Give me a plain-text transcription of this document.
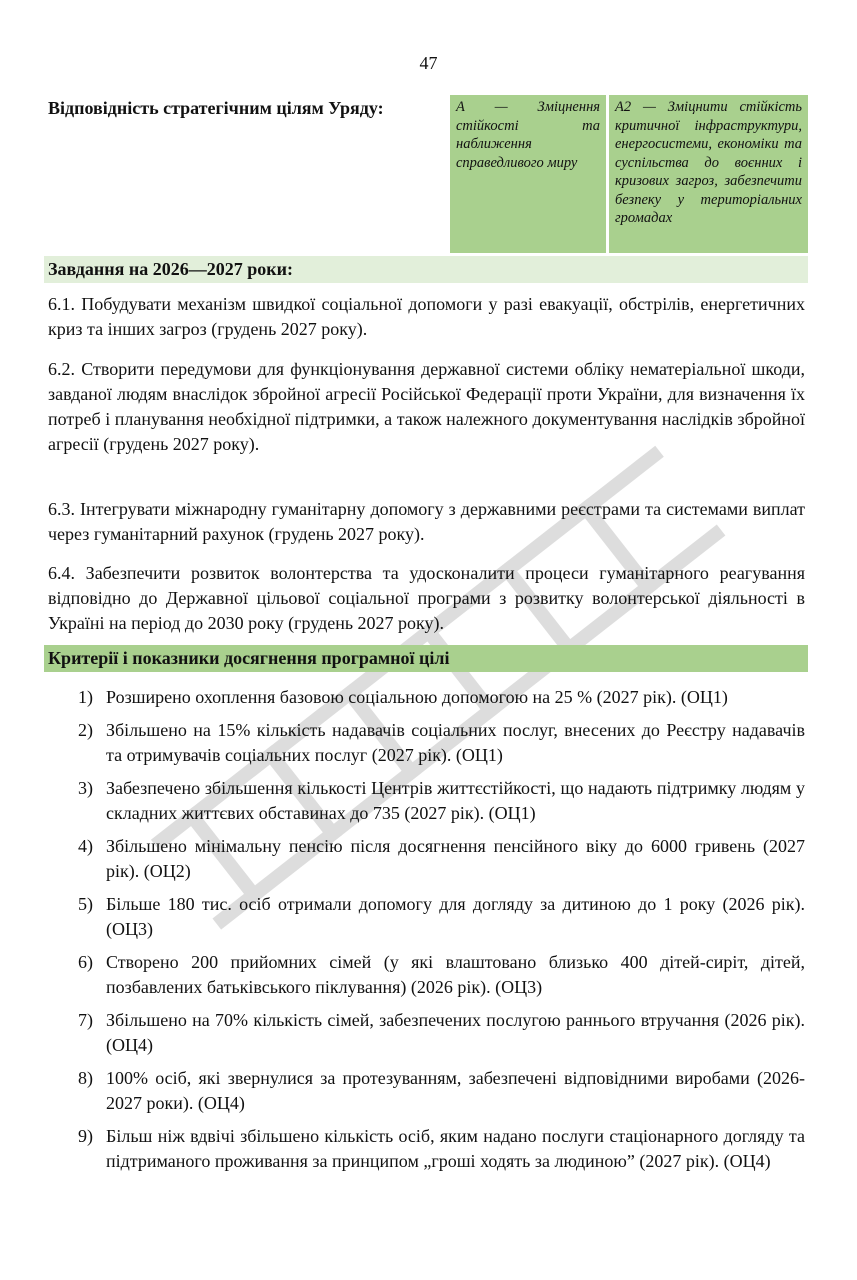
47
Відповідність стратегічним цілям Уряду:	А — Зміцнення стійкості та наближення справедливого миру
А2 — Зміцнити стійкість критичної інфраструктури, енергосистеми, економіки та суспільства до воєнних і кризових загроз, забезпечити безпеку у територіальних громадах
Завдання на 2026—2027 роки:
6.1. Побудувати механізм швидкої соціальної допомоги у разі евакуації, обстрілів, енергетичних криз та інших загроз (грудень 2027 року).
6.2. Створити передумови для функціонування державної системи обліку нематеріальної шкоди, завданої людям внаслідок збройної агресії Російської Федерації проти України, для визначення їх потреб і планування необхідної підтримки, а також належного документування наслідків збройної агресії (грудень 2027 року).
6.3. Інтегрувати міжнародну гуманітарну допомогу з державними реєстрами та системами виплат через гуманітарний рахунок (грудень 2027 року).
6.4. Забезпечити розвиток волонтерства та удосконалити процеси гуманітарного реагування відповідно до Державної цільової соціальної програми з розвитку волонтерської діяльності в Україні на період до 2030 року (грудень 2027 року).
Критерії і показники досягнення програмної цілі
1) Розширено охоплення базовою соціальною допомогою на 25 % (2027 рік). (ОЦ1)
2) Збільшено на 15% кількість надавачів соціальних послуг, внесених до Реєстру надавачів та отримувачів соціальних послуг (2027 рік). (ОЦ1)
3) Забезпечено збільшення кількості Центрів життєстійкості, що надають підтримку людям у складних життєвих обставинах до 735 (2027 рік). (ОЦ1)
4) Збільшено мінімальну пенсію після досягнення пенсійного віку до 6000 гривень (2027 рік). (ОЦ2)
5) Більше 180 тис. осіб отримали допомогу для догляду за дитиною до 1 року (2026 рік). (ОЦ3)
6) Створено 200 прийомних сімей (у які влаштовано близько 400 дітей-сиріт, дітей, позбавлених батьківського піклування) (2026 рік). (ОЦ3)
7) Збільшено на 70% кількість сімей, забезпечених послугою раннього втручання (2026 рік). (ОЦ4)
8) 100% осіб, які звернулися за протезуванням, забезпечені відповідними виробами (2026-2027 роки). (ОЦ4)
9) Більш ніж вдвічі збільшено кількість осіб, яким надано послуги стаціонарного догляду та підтриманого проживання за принципом „гроші ходять за людиною” (2027 рік). (ОЦ4)
